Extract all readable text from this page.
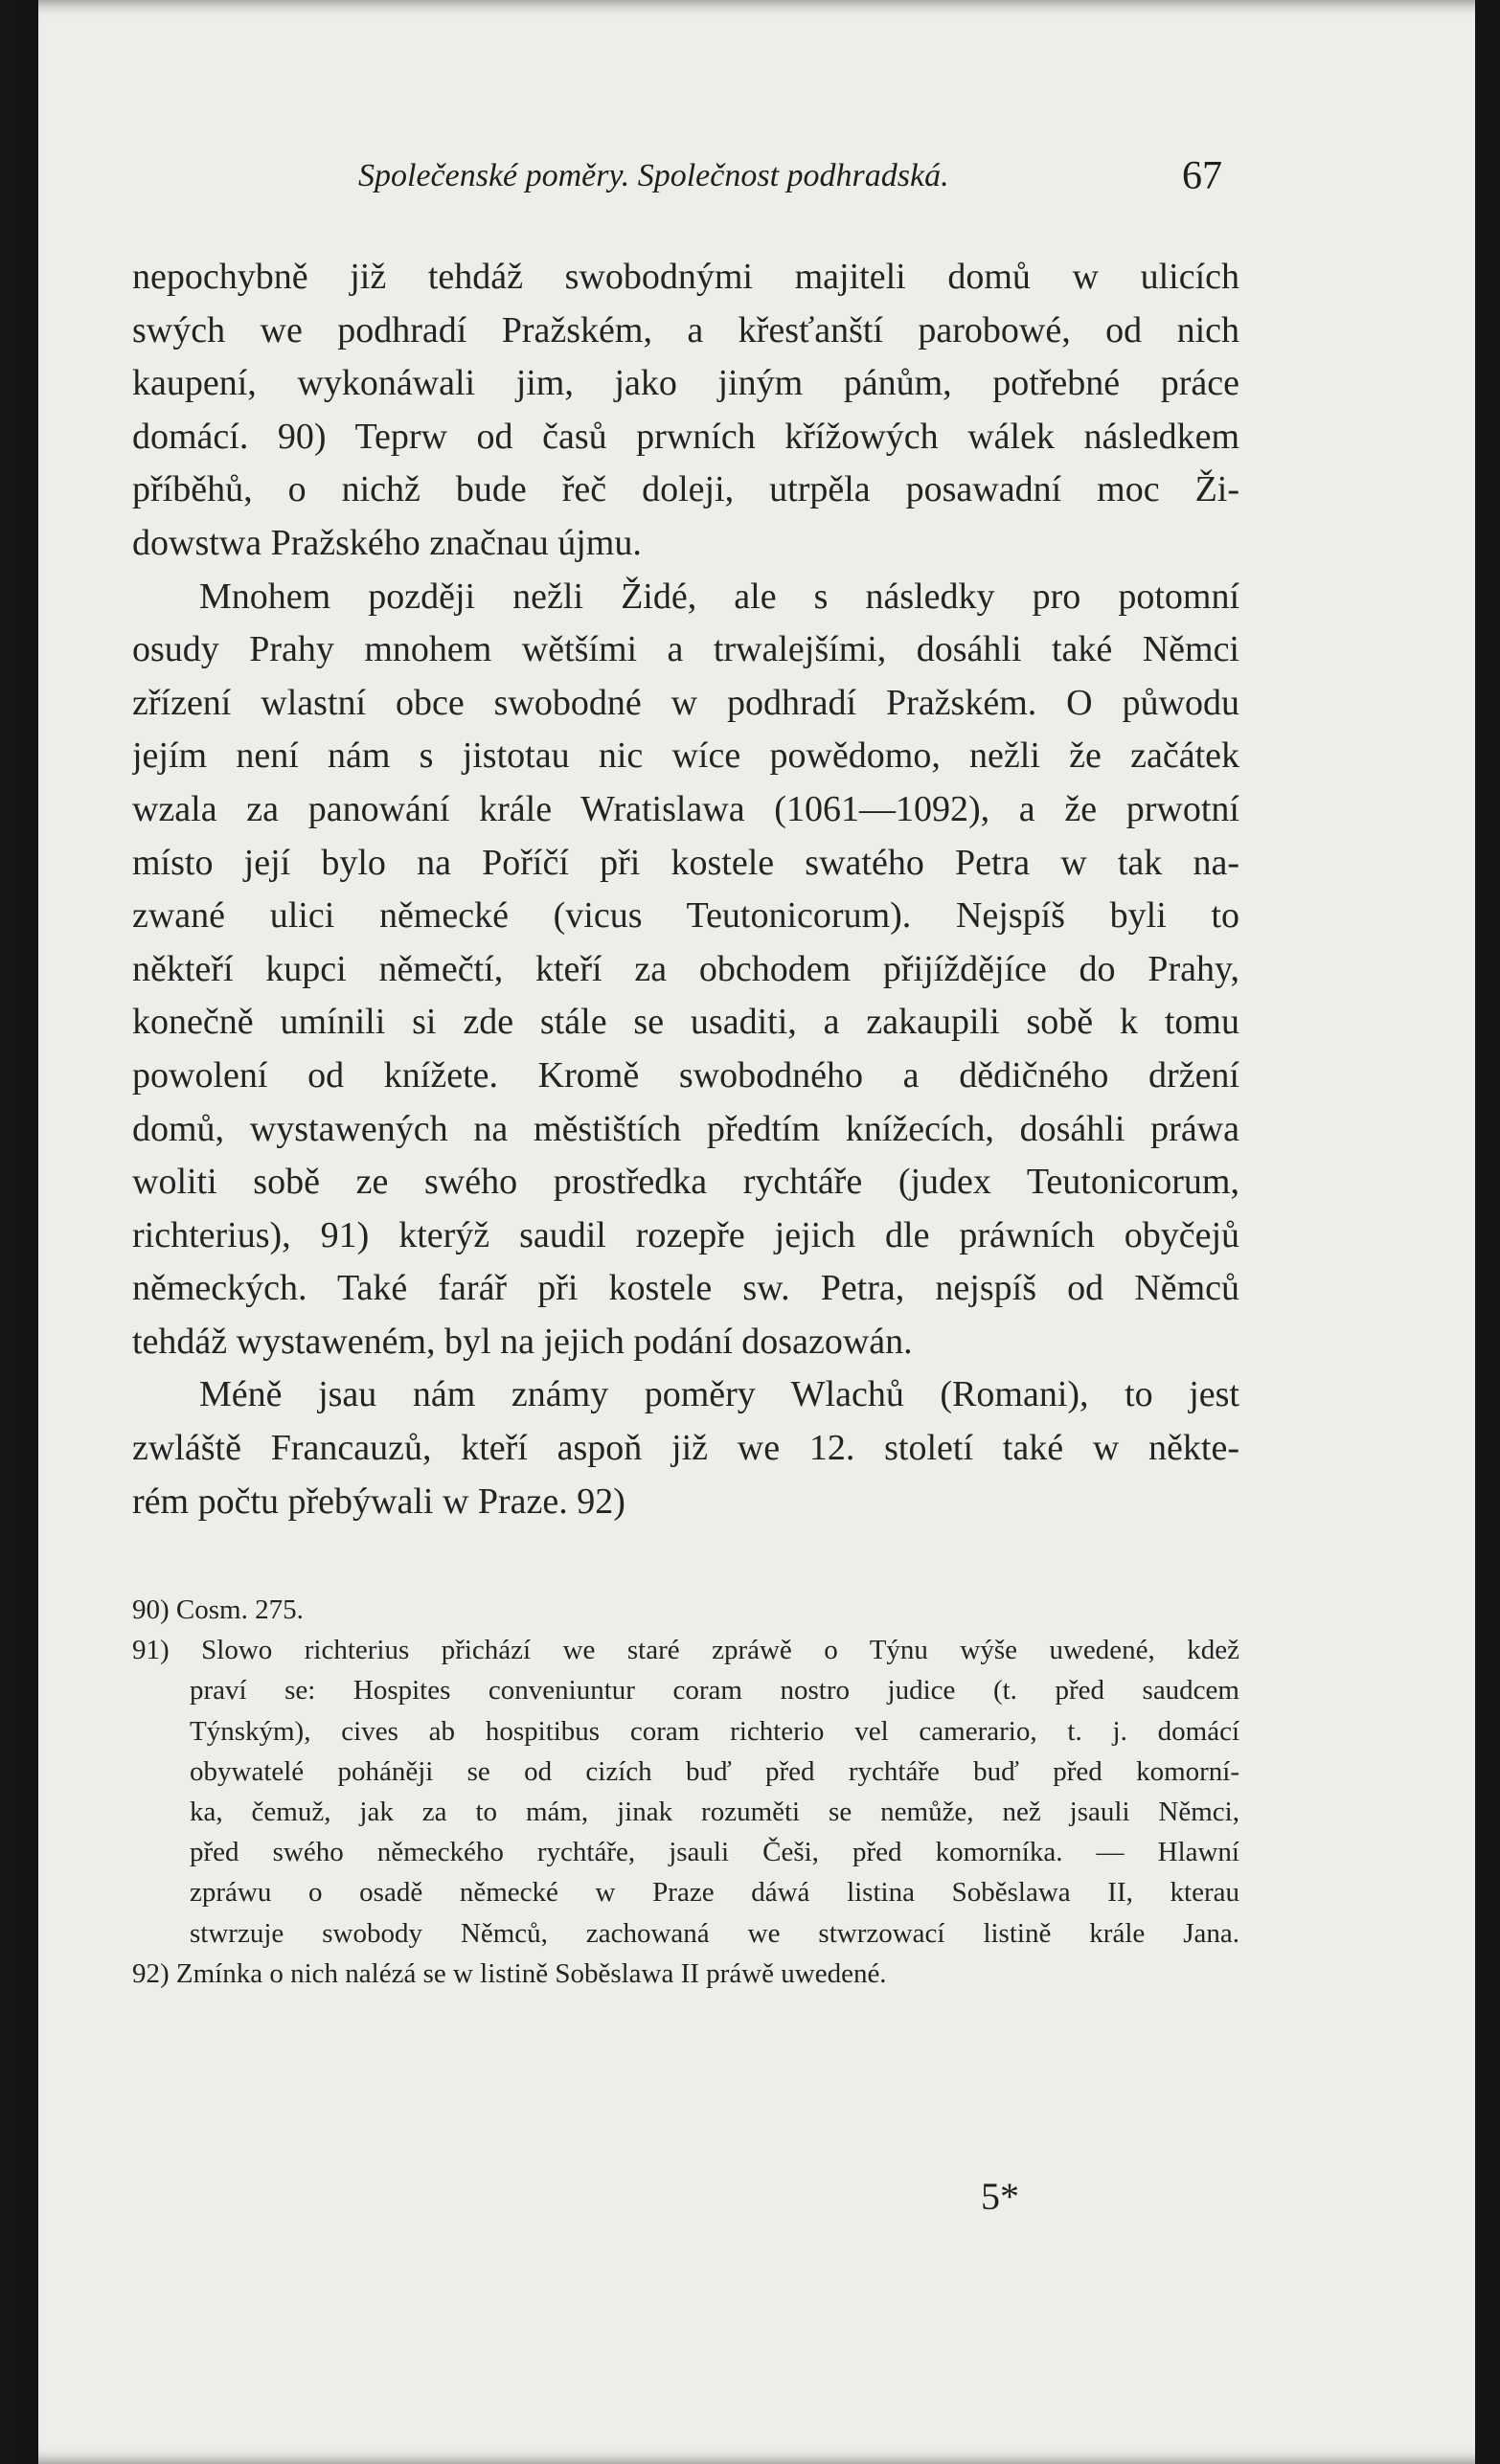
Společenské poměry. Společnost podhradská.	67
nepochybně již tehdáž swobodnými majiteli domů w ulicích
swých we podhradí Pražském, a křesťanští parobowé, od nich
kaupení, wykonáwali jim, jako jiným pánům, potřebné práce
domácí. 90) Teprw od časů prwních křížowých wálek následkem
příběhů, o nichž bude řeč doleji, utrpěla posawadní moc Ži-
dowstwa Pražského značnau újmu.
Mnohem později nežli Židé, ale s následky pro potomní
osudy Prahy mnohem wětšími a trwalejšími, dosáhli také Němci
zřízení wlastní obce swobodné w podhradí Pražském. O půwodu
jejím není nám s jistotau nic wíce powědomo, nežli že začátek
wzala za panowání krále Wratislawa (1061—1092), a že prwotní
místo její bylo na Poříčí při kostele swatého Petra w tak na-
zwané ulici německé (vicus Teutonicorum). Nejspíš byli to
někteří kupci němečtí, kteří za obchodem přijíždějíce do Prahy,
konečně umínili si zde stále se usaditi, a zakaupili sobě k tomu
powolení od knížete. Kromě swobodného a dědičného držení
domů, wystawených na městištích předtím knížecích, dosáhli práwa
woliti sobě ze swého prostředka rychtáře (judex Teutonicorum,
richterius), 91) kterýž saudil rozepře jejich dle práwních obyčejů
německých. Také farář při kostele sw. Petra, nejspíš od Němců
tehdáž wystaweném, byl na jejich podání dosazowán.
Méně jsau nám známy poměry Wlachů (Romani), to jest
zwláště Francauzů, kteří aspoň již we 12. století také w někte-
rém počtu přebýwali w Praze. 92)
90) Cosm. 275.
91) Slowo richterius přichází we staré zpráwě o Týnu wýše uwedené, kdež
praví se: Hospites conveniuntur coram nostro judice (t. před saudcem
Týnským), cives ab hospitibus coram richterio vel camerario, t. j. domácí
obywatelé poháněji se od cizích buď před rychtáře buď před komorní-
ka, čemuž, jak za to mám, jinak rozuměti se nemůže, než jsauli Němci,
před swého německého rychtáře, jsauli Češi, před komorníka. — Hlawní
zpráwu o osadě německé w Praze dáwá listina Soběslawa II, kterau
stwrzuje swobody Němců, zachowaná we stwrzowací listině krále Jana.
92) Zmínka o nich nalézá se w listině Soběslawa II práwě uwedené.
5*
